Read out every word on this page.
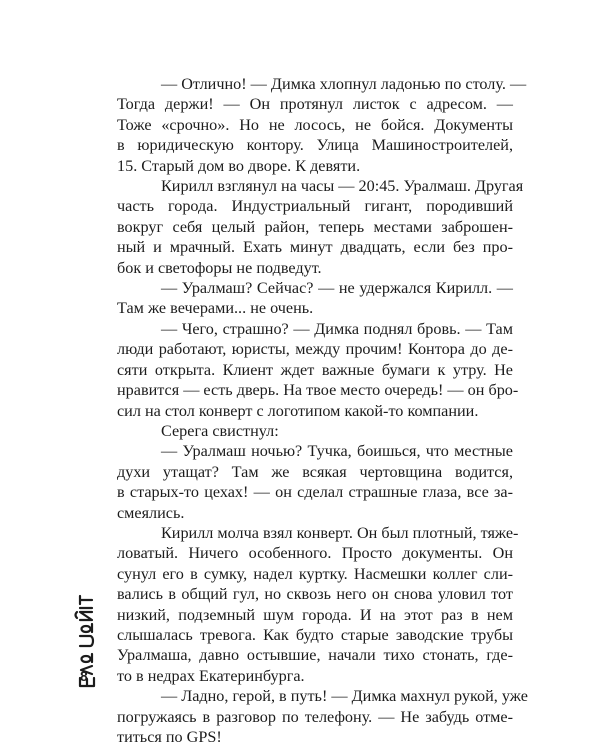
— Отлично! — Димка хлопнул ладонью по столу. —
Тогда держи! — Он протянул листок с адресом. —
Тоже «срочно». Но не лосось, не бойся. Документы
в юридическую контору. Улица Машиностроителей,
15. Старый дом во дворе. К девяти.
Кирилл взглянул на часы — 20:45. Уралмаш. Другая
часть города. Индустриальный гигант, породивший
вокруг себя целый район, теперь местами заброшен-
ный и мрачный. Ехать минут двадцать, если без про-
бок и светофоры не подведут.
— Уралмаш? Сейчас? — не удержался Кирилл. —
Там же вечерами... не очень.
— Чего, страшно? — Димка поднял бровь. — Там
люди работают, юристы, между прочим! Контора до де-
сяти открыта. Клиент ждет важные бумаги к утру. Не
нравится — есть дверь. На твое место очередь! — он бро-
сил на стол конверт с логотипом какой-то компании.
Серега свистнул:
— Уралмаш ночью? Тучка, боишься, что местные
духи утащат? Там же всякая чертовщина водится,
в старых-то цехах! — он сделал страшные глаза, все за-
смеялись.
Кирилл молча взял конверт. Он был плотный, тяже-
ловатый. Ничего особенного. Просто документы. Он
сунул его в сумку, надел куртку. Насмешки коллег сли-
вались в общий гул, но сквозь него он снова уловил тот
низкий, подземный шум города. И на этот раз в нем
слышалась тревога. Как будто старые заводские трубы
Уралмаша, давно остывшие, начали тихо стонать, где-
то в недрах Екатеринбурга.
— Ладно, герой, в путь! — Димка махнул рукой, уже
погружаясь в разговор по телефону. — Не забудь отме-
титься по GPS!
8
